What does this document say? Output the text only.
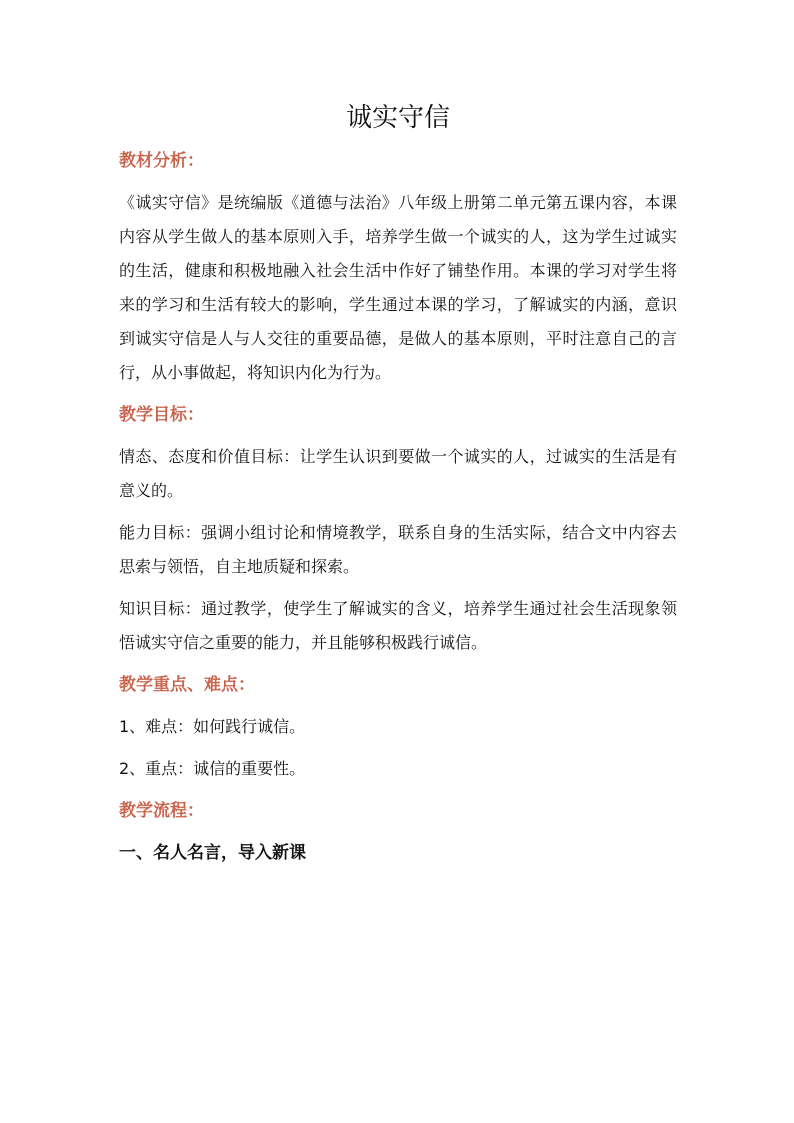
诚实守信
教材分析：

《诚实守信》是统编版《道德与法治》八年级上册第二单元第五课内容，本课内容从学生做人的基本原则入手，培养学生做一个诚实的人，这为学生过诚实的生活，健康和积极地融入社会生活中作好了铺垫作用。本课的学习对学生将来的学习和生活有较大的影响，学生通过本课的学习，了解诚实的内涵，意识到诚实守信是人与人交往的重要品德，是做人的基本原则，平时注意自己的言行，从小事做起，将知识内化为行为。

教学目标：

情态、态度和价值目标：让学生认识到要做一个诚实的人，过诚实的生活是有意义的。

能力目标：强调小组讨论和情境教学，联系自身的生活实际，结合文中内容去思索与领悟，自主地质疑和探索。

知识目标：通过教学，使学生了解诚实的含义，培养学生通过社会生活现象领悟诚实守信之重要的能力，并且能够积极践行诚信。

教学重点、难点：

1、难点：如何践行诚信。

2、重点：诚信的重要性。

教学流程：

一、名人名言，导入新课
